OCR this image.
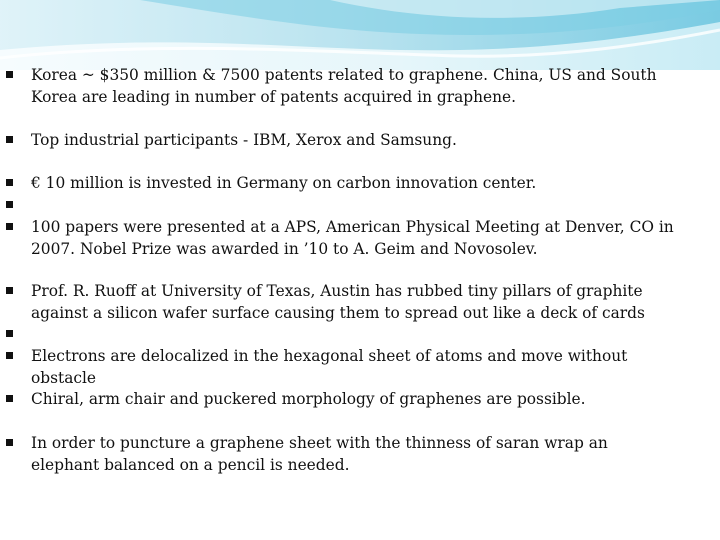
Korea ~ $350 million & 7500 patents related to graphene. China, US and South Korea are leading in number of patents acquired in graphene.
Top industrial participants - IBM, Xerox and Samsung.
€ 10 million is invested in Germany on carbon innovation center.
100 papers were presented at a APS, American Physical Meeting at Denver, CO in 2007. Nobel Prize was awarded in ’10 to A. Geim and Novosolev.
Prof. R. Ruoff at University of Texas, Austin has rubbed tiny pillars of graphite against a silicon wafer surface causing them to spread out like a deck of cards
Electrons are delocalized in the hexagonal sheet of atoms and move without obstacle
Chiral, arm chair and puckered morphology of graphenes are possible.
In order to puncture a graphene sheet with the thinness of saran wrap an elephant balanced on a pencil is needed.
